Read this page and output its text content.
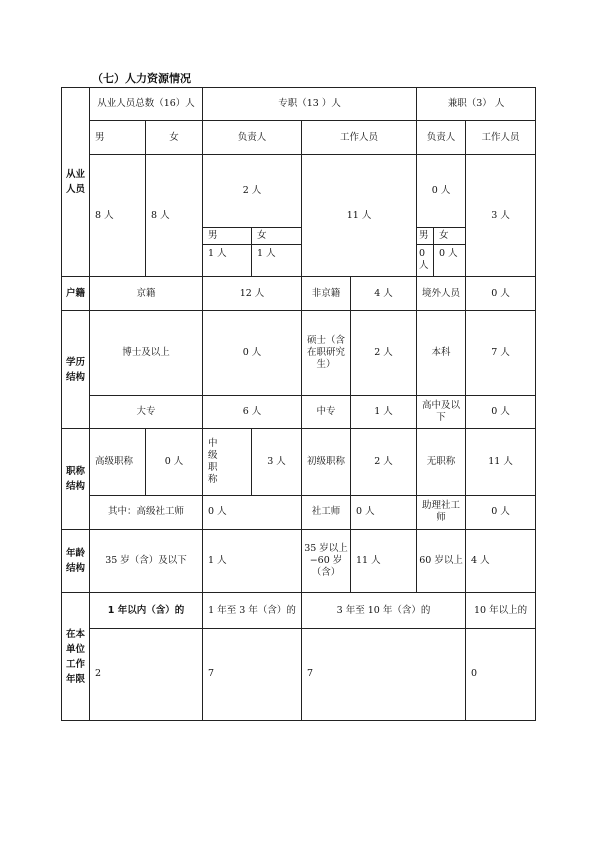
（七）人力资源情况
从业人员	从业人员总数（16）人		专职（13 ）人				兼职（3） 人		
	男	女	负责人		工作人员		负责人		工作人员
	8 人	8 人	2 人		11 人		0 人		3 人
			男	女			男	女	
			1 人	1 人			0 人	0 人	
户籍	京籍		12 人		非京籍	4 人	境外人员		0 人
学历结构	博士及以上		0 人		硕士（含在职研究生）	2 人	本科		7 人
	大专		6 人		中专	1 人	高中及以下		0 人
职称结构	高级职称	0 人	中级职称	3 人	初级职称	2 人	无职称		11 人
	其中：高级社工师		0 人		社工师	0 人	助理社工师		0 人
年龄结构	35 岁（含）及以下		1 人		35 岁以上−60 岁（含）	11 人	60 岁以上		4 人
在本单位工作年限	1 年以内（含）的		1 年至 3 年（含）的		3 年至 10 年（含）的				10 年以上的
	2		7		7				0
